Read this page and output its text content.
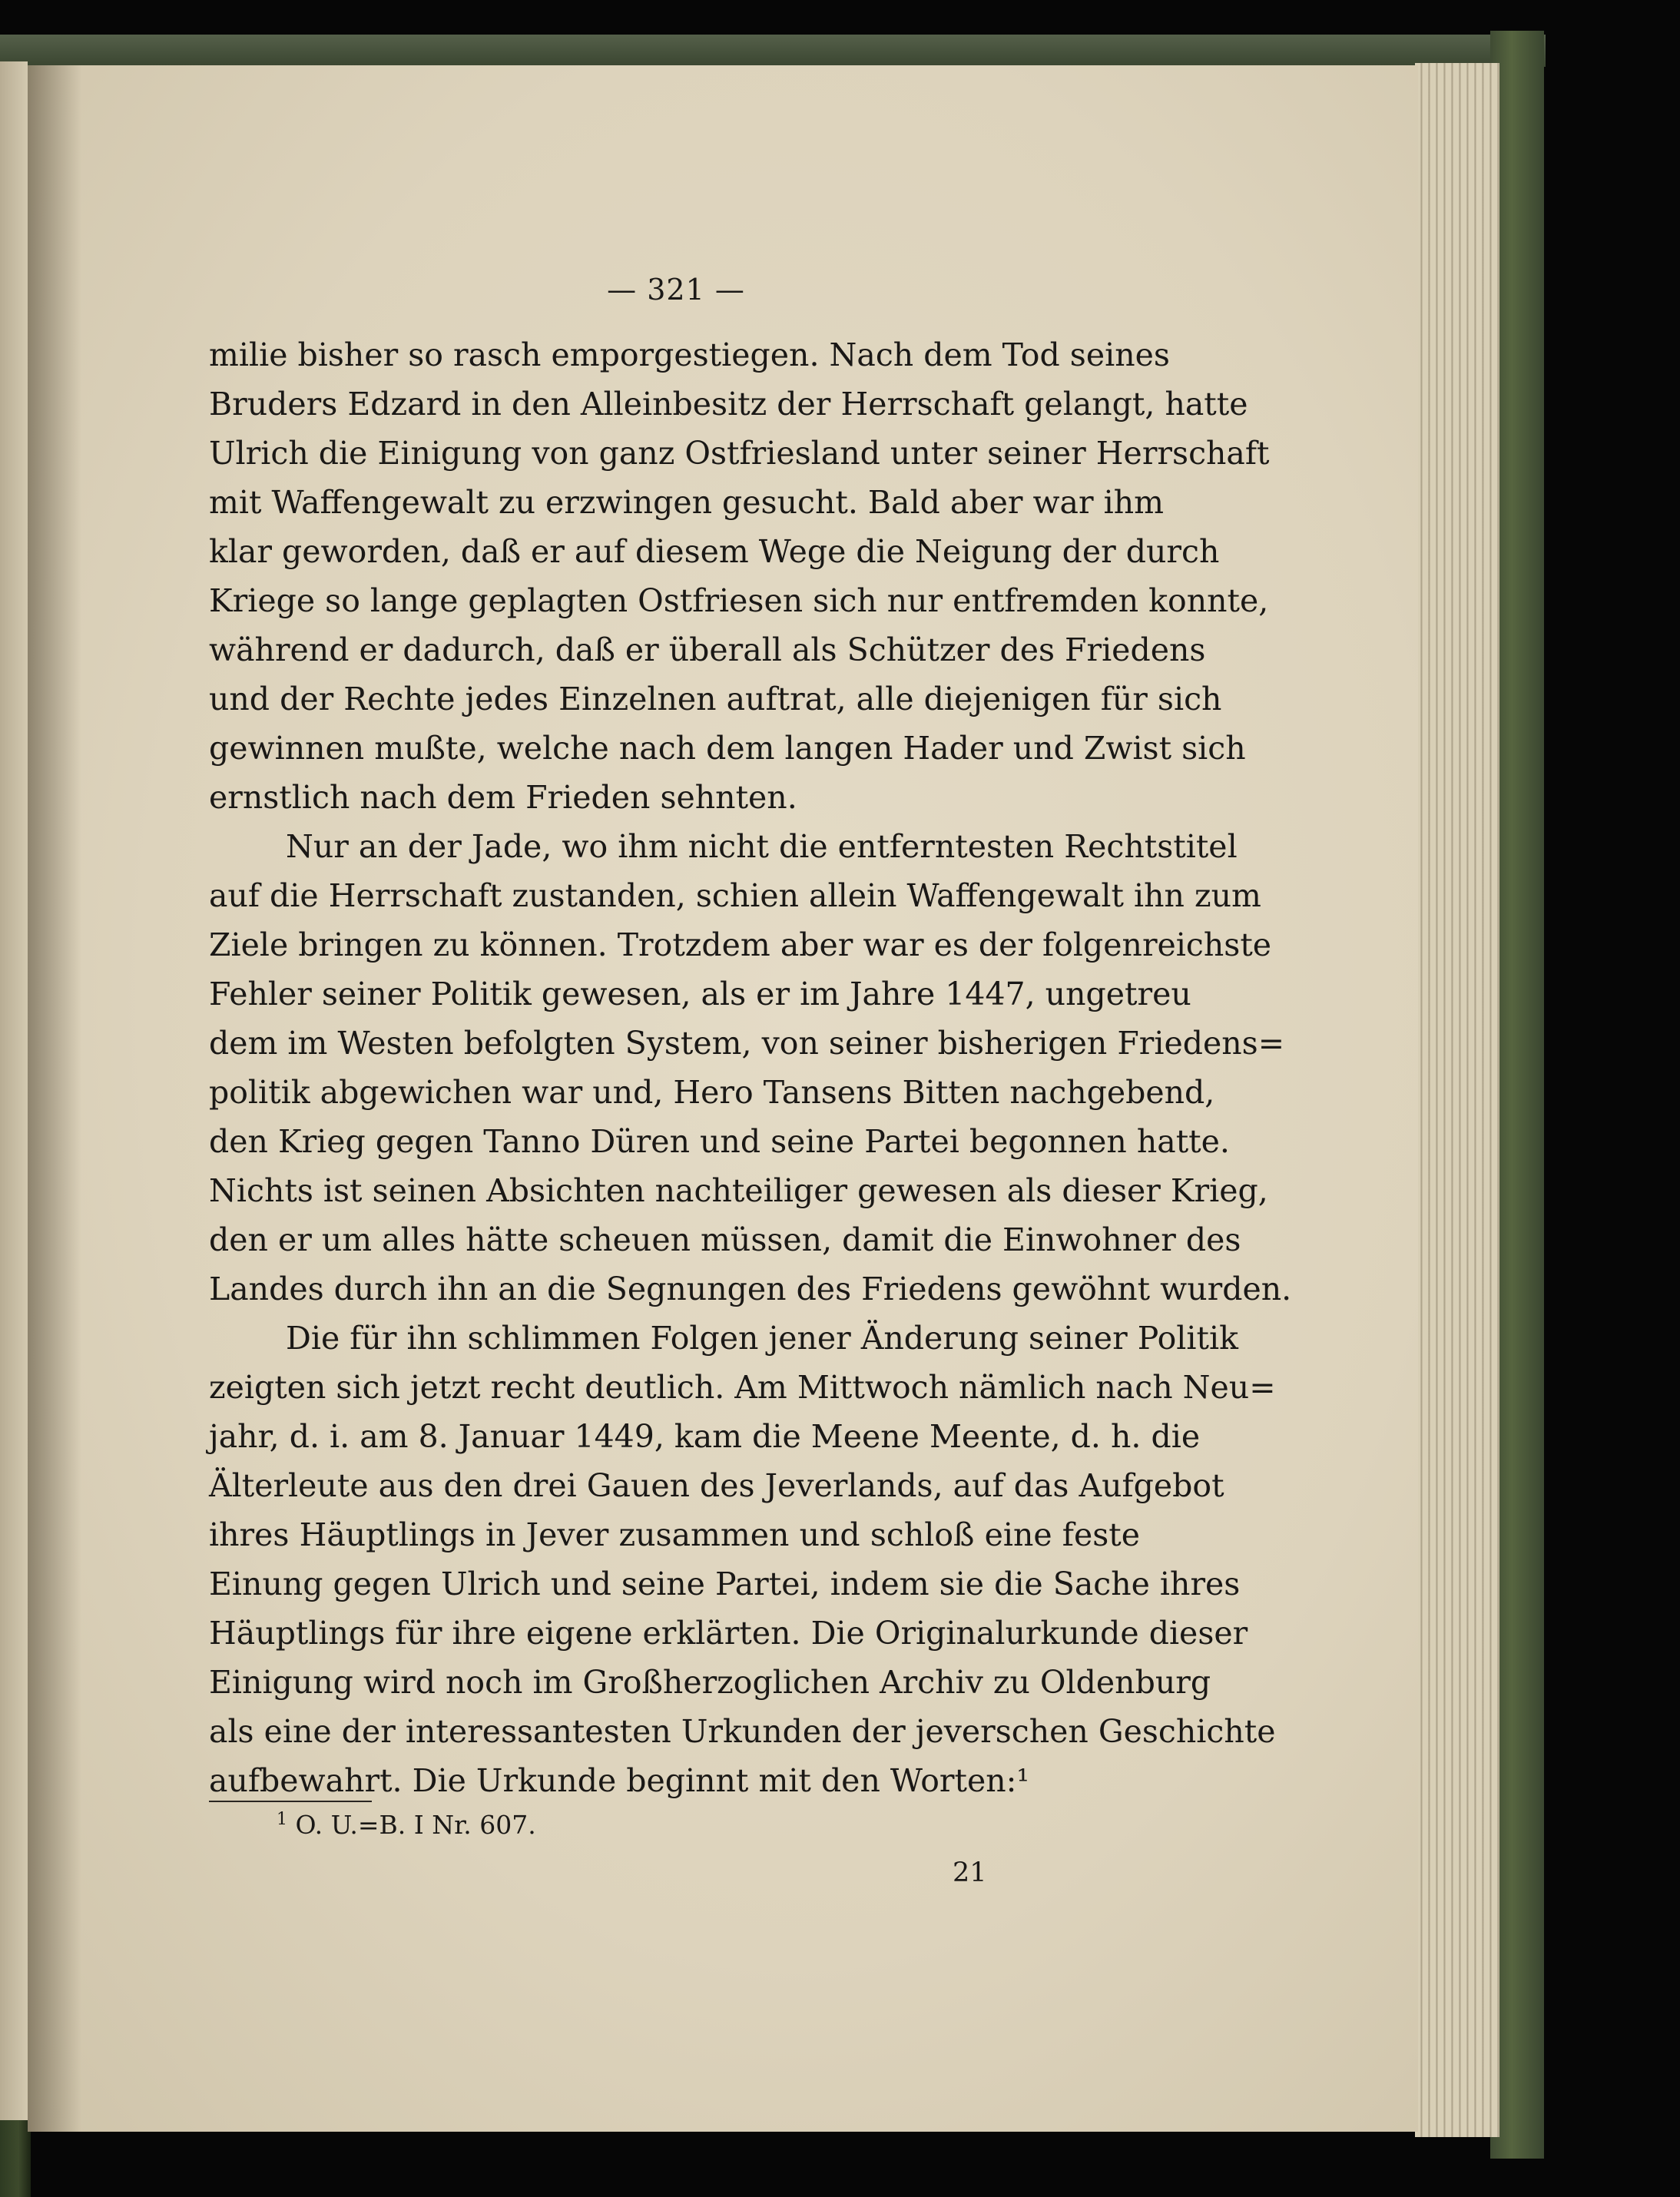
— 321 —
milie bisher so rasch emporgestiegen. Nach dem Tod seines
Bruders Edzard in den Alleinbesitz der Herrschaft gelangt, hatte
Ulrich die Einigung von ganz Ostfriesland unter seiner Herrschaft
mit Waffengewalt zu erzwingen gesucht. Bald aber war ihm
klar geworden, daß er auf diesem Wege die Neigung der durch
Kriege so lange geplagten Ostfriesen sich nur entfremden konnte,
während er dadurch, daß er überall als Schützer des Friedens
und der Rechte jedes Einzelnen auftrat, alle diejenigen für sich
gewinnen mußte, welche nach dem langen Hader und Zwist sich
ernstlich nach dem Frieden sehnten.
Nur an der Jade, wo ihm nicht die entferntesten Rechtstitel
auf die Herrschaft zustanden, schien allein Waffengewalt ihn zum
Ziele bringen zu können. Trotzdem aber war es der folgenreichste
Fehler seiner Politik gewesen, als er im Jahre 1447, ungetreu
dem im Westen befolgten System, von seiner bisherigen Friedens=
politik abgewichen war und, Hero Tansens Bitten nachgebend,
den Krieg gegen Tanno Düren und seine Partei begonnen hatte.
Nichts ist seinen Absichten nachteiliger gewesen als dieser Krieg,
den er um alles hätte scheuen müssen, damit die Einwohner des
Landes durch ihn an die Segnungen des Friedens gewöhnt wurden.
Die für ihn schlimmen Folgen jener Änderung seiner Politik
zeigten sich jetzt recht deutlich. Am Mittwoch nämlich nach Neu=
jahr, d. i. am 8. Januar 1449, kam die Meene Meente, d. h. die
Älterleute aus den drei Gauen des Jeverlands, auf das Aufgebot
ihres Häuptlings in Jever zusammen und schloß eine feste
Einung gegen Ulrich und seine Partei, indem sie die Sache ihres
Häuptlings für ihre eigene erklärten. Die Originalurkunde dieser
Einigung wird noch im Großherzoglichen Archiv zu Oldenburg
als eine der interessantesten Urkunden der jeverschen Geschichte
aufbewahrt. Die Urkunde beginnt mit den Worten:¹
$^1$ O. U.=B. I Nr. 607.
21
